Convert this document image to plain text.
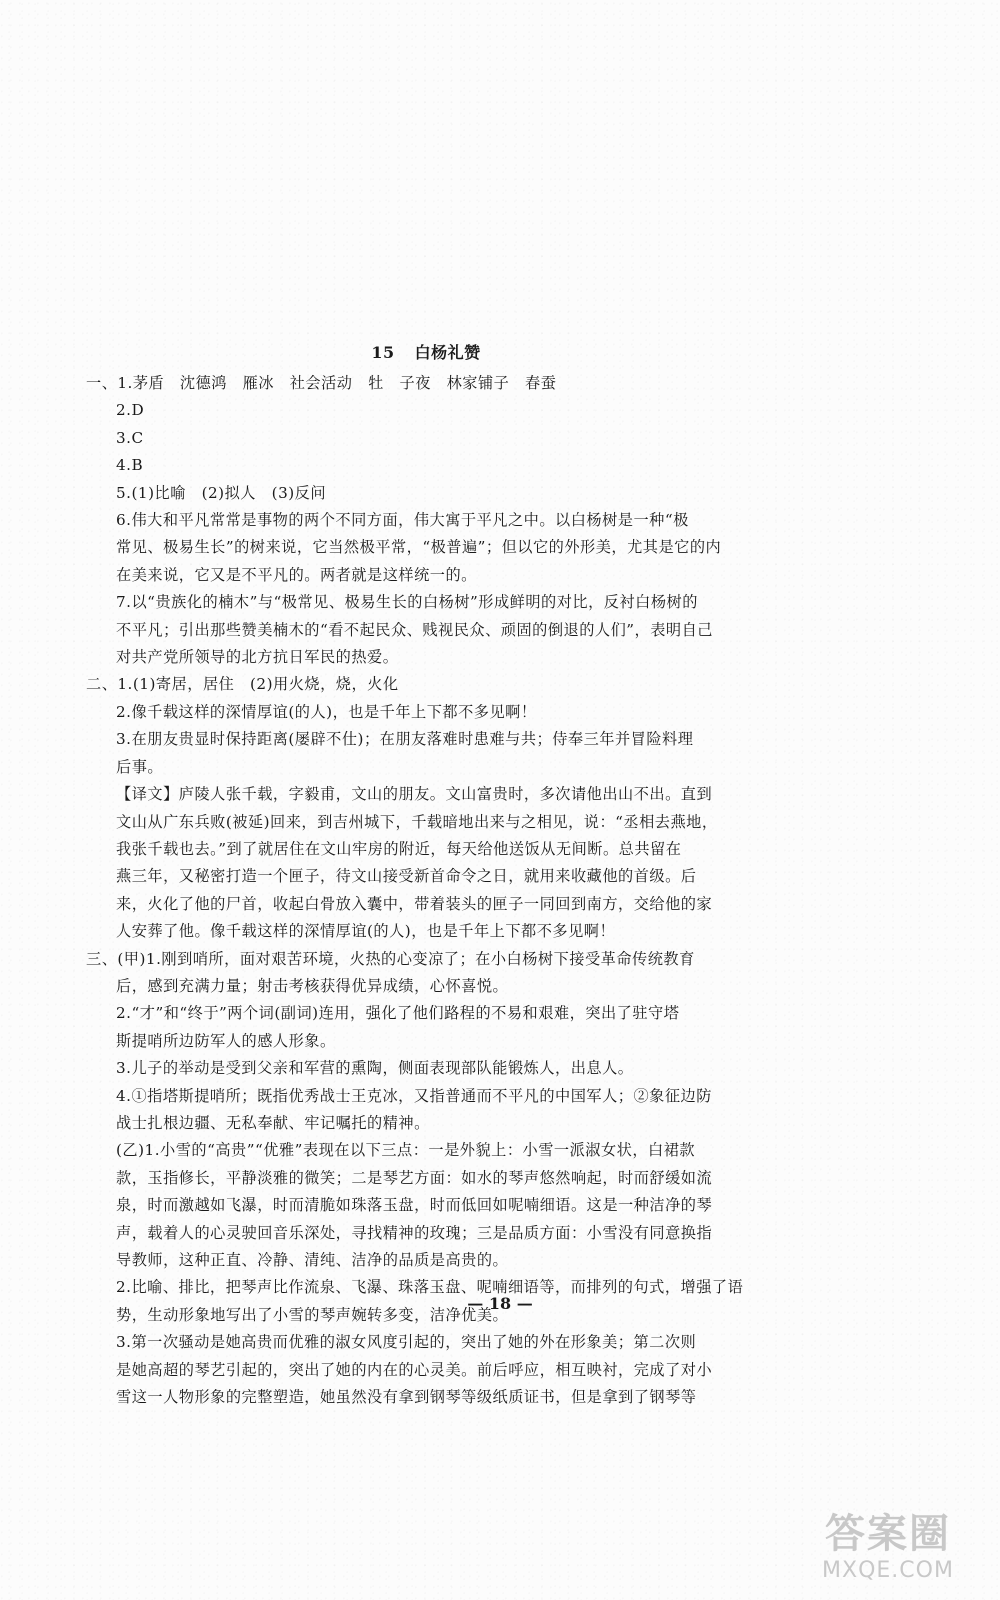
15 白杨礼赞
一、1.茅盾　沈德鸿　雁冰　社会活动　牡　子夜　林家铺子　春蚕
2.D
3.C
4.B
5.(1)比喻　(2)拟人　(3)反问
6.伟大和平凡常常是事物的两个不同方面，伟大寓于平凡之中。以白杨树是一种“极
常见、极易生长”的树来说，它当然极平常，“极普遍”；但以它的外形美，尤其是它的内
在美来说，它又是不平凡的。两者就是这样统一的。
7.以“贵族化的楠木”与“极常见、极易生长的白杨树”形成鲜明的对比，反衬白杨树的
不平凡；引出那些赞美楠木的“看不起民众、贱视民众、顽固的倒退的人们”，表明自己
对共产党所领导的北方抗日军民的热爱。
二、1.(1)寄居，居住　(2)用火烧，烧，火化
2.像千载这样的深情厚谊(的人)，也是千年上下都不多见啊！
3.在朋友贵显时保持距离(屡辟不仕)；在朋友落难时患难与共；侍奉三年并冒险料理
后事。
【译文】庐陵人张千载，字毅甫，文山的朋友。文山富贵时，多次请他出山不出。直到
文山从广东兵败(被延)回来，到吉州城下，千载暗地出来与之相见，说：“丞相去燕地，
我张千载也去。”到了就居住在文山牢房的附近，每天给他送饭从无间断。总共留在
燕三年，又秘密打造一个匣子，待文山接受新首命令之日，就用来收藏他的首级。后
来，火化了他的尸首，收起白骨放入囊中，带着装头的匣子一同回到南方，交给他的家
人安葬了他。像千载这样的深情厚谊(的人)，也是千年上下都不多见啊！
三、(甲)1.刚到哨所，面对艰苦环境，火热的心变凉了；在小白杨树下接受革命传统教育
后，感到充满力量；射击考核获得优异成绩，心怀喜悦。
2.“才”和“终于”两个词(副词)连用，强化了他们路程的不易和艰难，突出了驻守塔
斯提哨所边防军人的感人形象。
3.儿子的举动是受到父亲和军营的熏陶，侧面表现部队能锻炼人，出息人。
4.①指塔斯提哨所；既指优秀战士王克冰，又指普通而不平凡的中国军人；②象征边防
战士扎根边疆、无私奉献、牢记嘱托的精神。
(乙)1.小雪的“高贵”“优雅”表现在以下三点：一是外貌上：小雪一派淑女状，白裙款
款，玉指修长，平静淡雅的微笑；二是琴艺方面：如水的琴声悠然响起，时而舒缓如流
泉，时而激越如飞瀑，时而清脆如珠落玉盘，时而低回如呢喃细语。这是一种洁净的琴
声，载着人的心灵驶回音乐深处，寻找精神的玫瑰；三是品质方面：小雪没有同意换指
导教师，这种正直、冷静、清纯、洁净的品质是高贵的。
2.比喻、排比，把琴声比作流泉、飞瀑、珠落玉盘、呢喃细语等，而排列的句式，增强了语
势，生动形象地写出了小雪的琴声婉转多变，洁净优美。
3.第一次骚动是她高贵而优雅的淑女风度引起的，突出了她的外在形象美；第二次则
是她高超的琴艺引起的，突出了她的内在的心灵美。前后呼应，相互映衬，完成了对小
雪这一人物形象的完整塑造，她虽然没有拿到钢琴等级纸质证书，但是拿到了钢琴等
— 18 —
答案圈
MXQE.COM
